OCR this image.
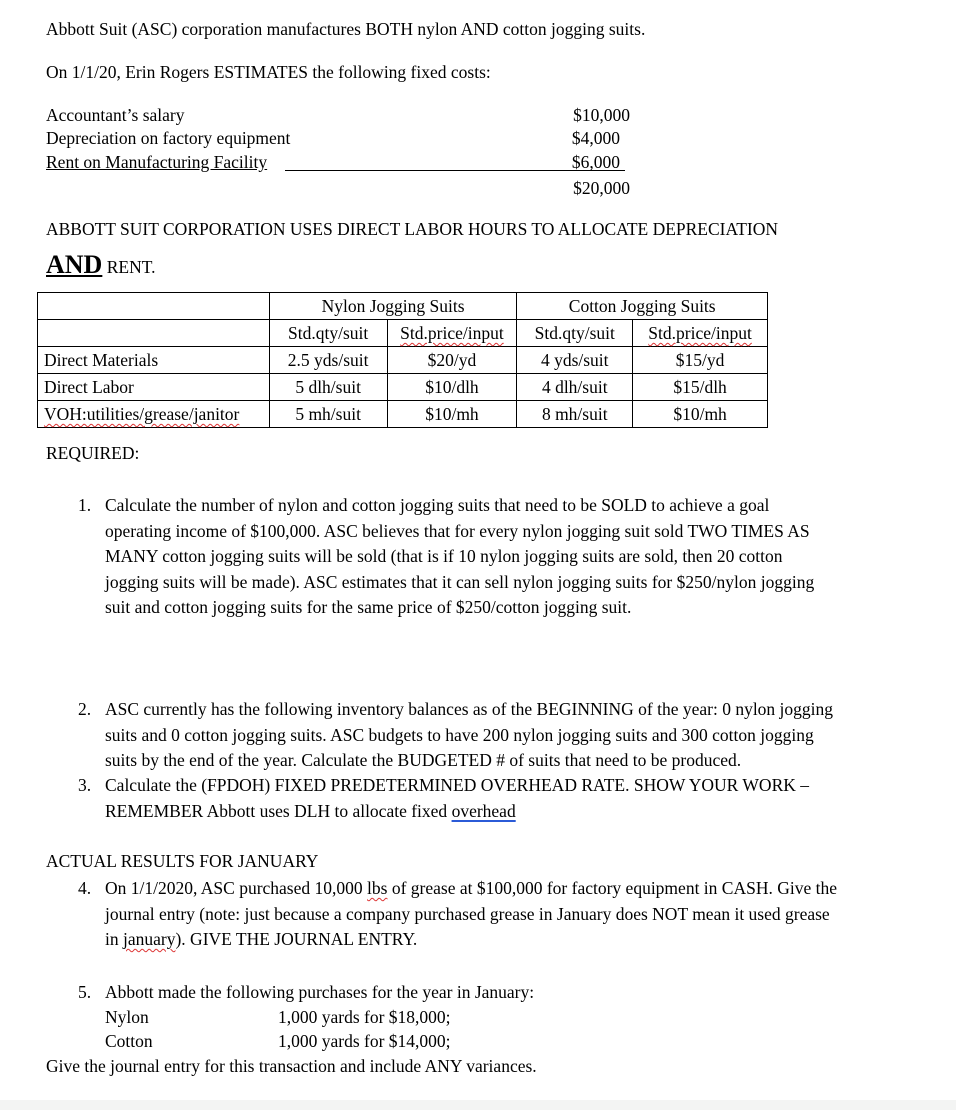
Abbott Suit (ASC) corporation manufactures BOTH nylon AND cotton jogging suits.
On 1/1/20, Erin Rogers ESTIMATES the following fixed costs:
Accountant’s salary	$10,000
Depreciation on factory equipment	$4,000
Rent on Manufacturing Facility	$6,000
$20,000
ABBOTT SUIT CORPORATION USES DIRECT LABOR HOURS TO ALLOCATE DEPRECIATION
AND RENT.
	Nylon Jogging Suits		Cotton Jogging Suits	
	Std.qty/suit	Std.price/input	Std.qty/suit	Std.price/input
Direct Materials	2.5 yds/suit	$20/yd	4 yds/suit	$15/yd
Direct Labor	5 dlh/suit	$10/dlh	4 dlh/suit	$15/dlh
VOH:utilities/grease/janitor	5 mh/suit	$10/mh	8 mh/suit	$10/mh
REQUIRED:
1. Calculate the number of nylon and cotton jogging suits that need to be SOLD to achieve a goal
operating income of $100,000. ASC believes that for every nylon jogging suit sold TWO TIMES AS
MANY cotton jogging suits will be sold (that is if 10 nylon jogging suits are sold, then 20 cotton
jogging suits will be made). ASC estimates that it can sell nylon jogging suits for $250/nylon jogging
suit and cotton jogging suits for the same price of $250/cotton jogging suit.
2. ASC currently has the following inventory balances as of the BEGINNING of the year: 0 nylon jogging
suits and 0 cotton jogging suits. ASC budgets to have 200 nylon jogging suits and 300 cotton jogging
suits by the end of the year. Calculate the BUDGETED # of suits that need to be produced.
3. Calculate the (FPDOH) FIXED PREDETERMINED OVERHEAD RATE. SHOW YOUR WORK –
REMEMBER Abbott uses DLH to allocate fixed overhead
ACTUAL RESULTS FOR JANUARY
4. On 1/1/2020, ASC purchased 10,000 lbs of grease at $100,000 for factory equipment in CASH. Give the
journal entry (note: just because a company purchased grease in January does NOT mean it used grease
in january). GIVE THE JOURNAL ENTRY.
5. Abbott made the following purchases for the year in January:
Nylon	1,000 yards for $18,000;
Cotton	1,000 yards for $14,000;
Give the journal entry for this transaction and include ANY variances.
